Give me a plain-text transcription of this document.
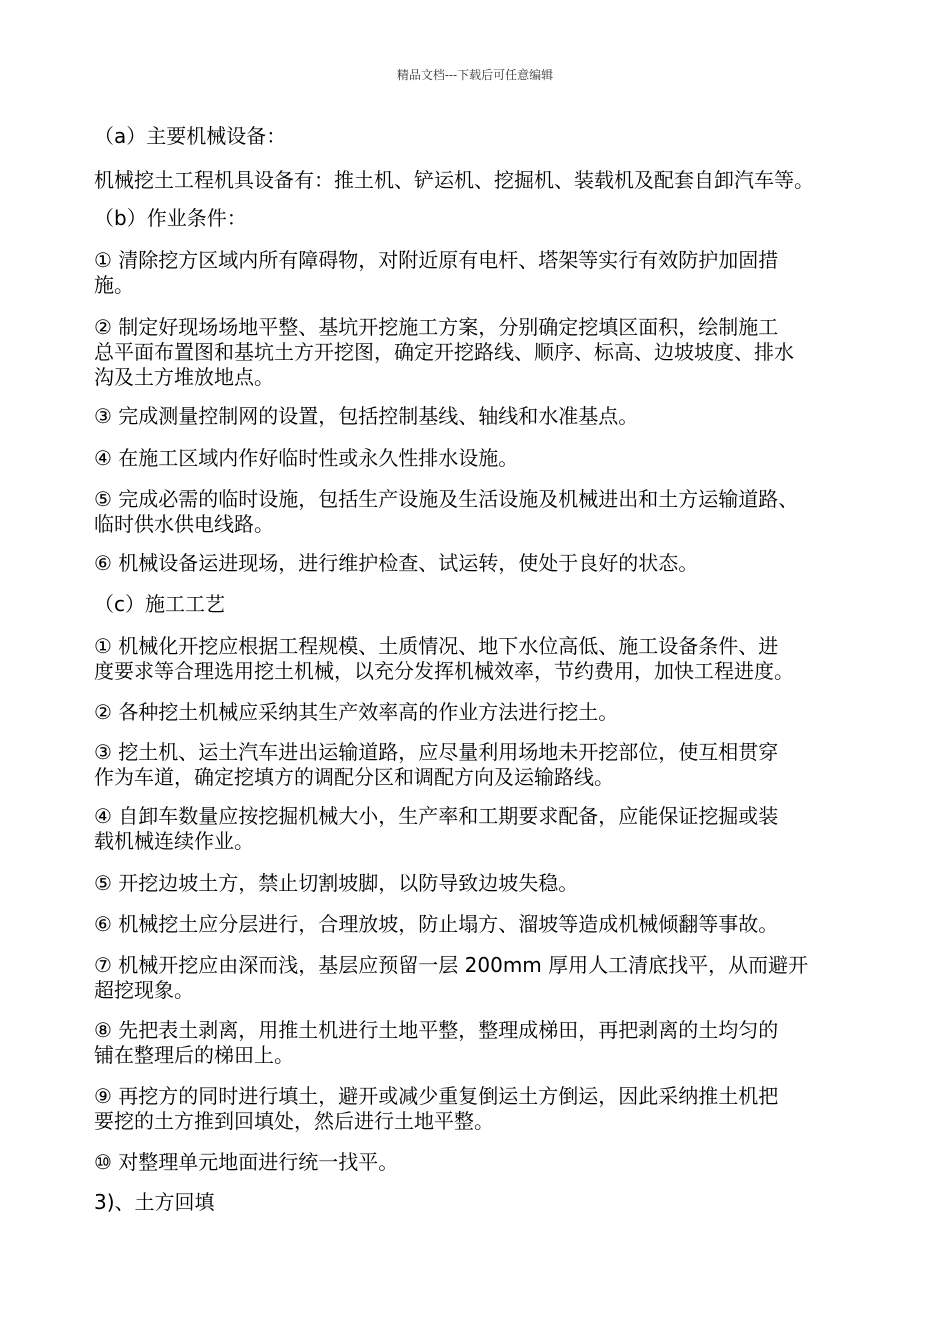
精品文档---下载后可任意编辑
（a）主要机械设备：
机械挖土工程机具设备有：推土机、铲运机、挖掘机、装载机及配套自卸汽车等。
（b）作业条件：
① 清除挖方区域内所有障碍物，对附近原有电杆、塔架等实行有效防护加固措
施。
② 制定好现场场地平整、基坑开挖施工方案，分别确定挖填区面积，绘制施工
总平面布置图和基坑土方开挖图，确定开挖路线、顺序、标高、边坡坡度、排水
沟及土方堆放地点。
③ 完成测量控制网的设置，包括控制基线、轴线和水准基点。
④ 在施工区域内作好临时性或永久性排水设施。
⑤ 完成必需的临时设施，包括生产设施及生活设施及机械进出和土方运输道路、
临时供水供电线路。
⑥ 机械设备运进现场，进行维护检查、试运转，使处于良好的状态。
（c）施工工艺
① 机械化开挖应根据工程规模、土质情况、地下水位高低、施工设备条件、进
度要求等合理选用挖土机械，以充分发挥机械效率，节约费用，加快工程进度。
② 各种挖土机械应采纳其生产效率高的作业方法进行挖土。
③ 挖土机、运土汽车进出运输道路，应尽量利用场地未开挖部位，使互相贯穿
作为车道，确定挖填方的调配分区和调配方向及运输路线。
④ 自卸车数量应按挖掘机械大小，生产率和工期要求配备，应能保证挖掘或装
载机械连续作业。
⑤ 开挖边坡土方，禁止切割坡脚，以防导致边坡失稳。
⑥ 机械挖土应分层进行，合理放坡，防止塌方、溜坡等造成机械倾翻等事故。
⑦ 机械开挖应由深而浅，基层应预留一层 200mm 厚用人工清底找平，从而避开
超挖现象。
⑧ 先把表土剥离，用推土机进行土地平整，整理成梯田，再把剥离的土均匀的
铺在整理后的梯田上。
⑨ 再挖方的同时进行填土，避开或减少重复倒运土方倒运，因此采纳推土机把
要挖的土方推到回填处，然后进行土地平整。
⑩ 对整理单元地面进行统一找平。
3)、土方回填
